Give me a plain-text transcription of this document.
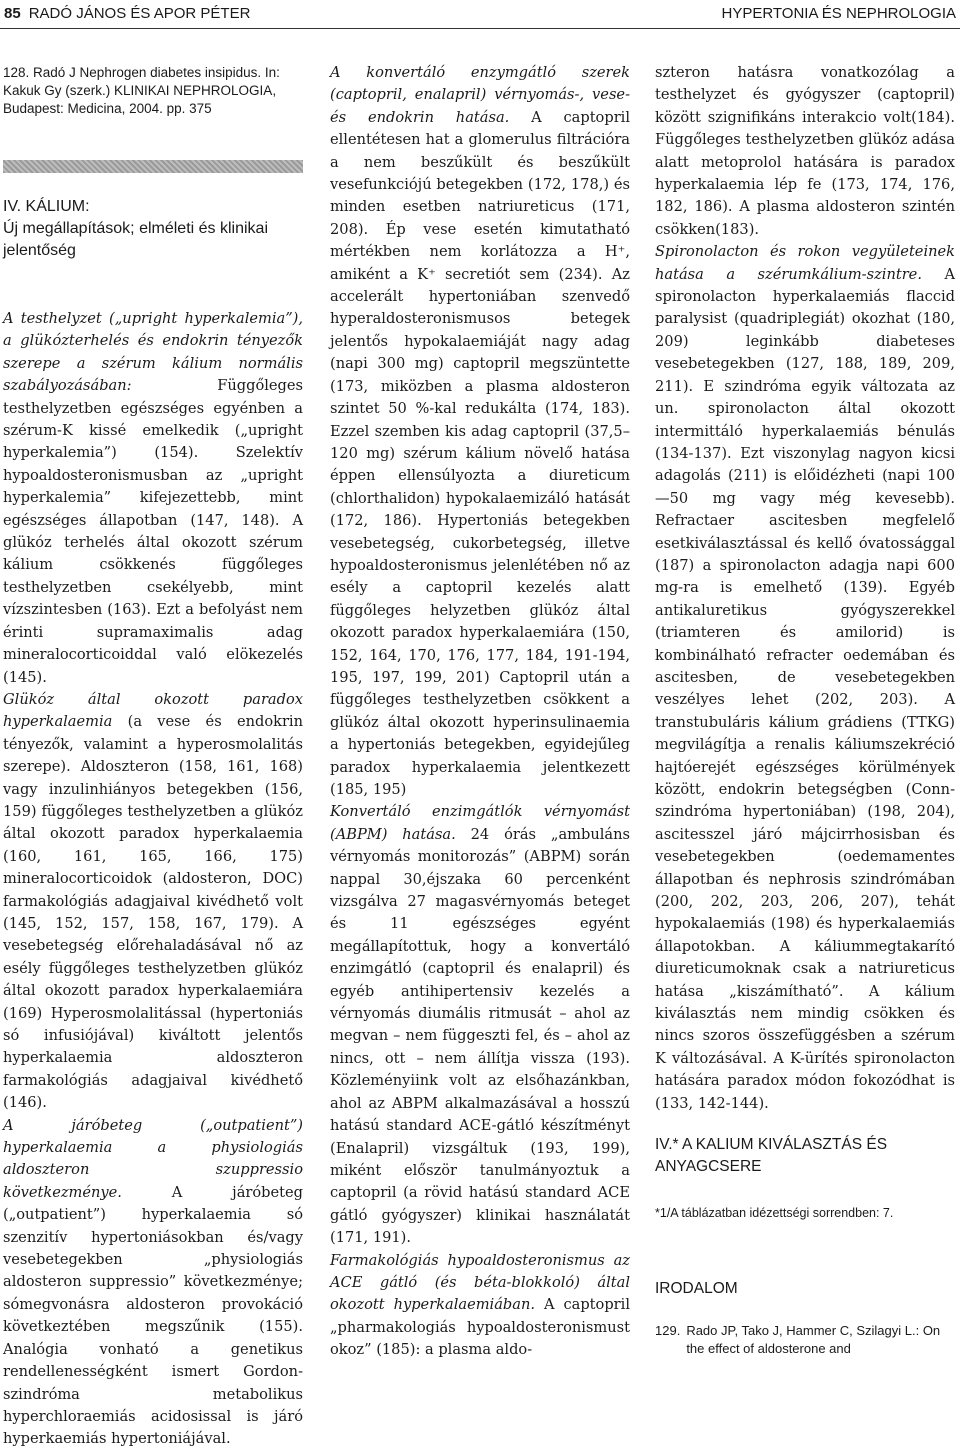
85 RADÓ JÁNOS ÉS APOR PÉTER	HYPERTONIA ÉS NEPHROLOGIA

128. Radó J Nephrogen diabetes insipidus. In: Kakuk Gy (szerk.) KLINIKAI NEPHROLOGIA, Budapest: Medicina, 2004. pp. 375

IV. KÁLIUM:

Új megállapítások; elméleti és klinikai jelentőség

A testhelyzet („upright hyperkalemia”), a glükózterhelés és endokrin tényezők szerepe a szérum kálium normális szabályozásában: Függőleges testhelyzetben egészséges egyénben a szérum-K kissé emelkedik („upright hyperkalemia”) (154). Szelektív hypoaldosteronismusban az „upright hyperkalemia” kifejezettebb, mint egészséges állapotban (147, 148). A glükóz terhelés által okozott szérum kálium csökkenés függőleges testhelyzetben csekélyebb, mint vízszintesben (163). Ezt a befolyást nem érinti supramaximalis adag mineralocorticoiddal való elökezelés (145).

Glükóz által okozott paradox hyperkalaemia (a vese és endokrin tényezők, valamint a hyperosmolalitás szerepe). Aldoszteron (158, 161, 168) vagy inzulinhiányos betegekben (156, 159) függőleges testhelyzetben a glükóz által okozott paradox hyperkalaemia (160, 161, 165, 166, 175) mineralocorticoidok (aldosteron, DOC) farmakológiás adagjaival kivédhető volt (145, 152, 157, 158, 167, 179). A vesebetegség előrehaladásával nő az esély függőleges testhelyzetben glükóz által okozott paradox hyperkalaemiára (169) Hyperosmolalitással (hypertoniás só infusiójával) kiváltott jelentős hyperkalaemia aldoszteron farmakológiás adagjaival kivédhető (146).

A járóbeteg („outpatient”) hyperkalaemia a physiologiás aldoszteron szuppressio következménye. A járóbeteg („outpatient”) hyperkalaemia só szenzitív hypertoniásokban és/vagy vesebetegekben „physiologiás aldosteron suppressio” következménye; sómegvonásra aldosteron provokáció következtében megszűnik (155). Analógia vonható a genetikus rendellenességként ismert Gordon-szindróma metabolikus hyperchloraemiás acidosissal is járó hyperkaemiás hypertoniájával.

A konvertáló enzymgátló szerek (captopril, enalapril) vérnyomás-, vese- és endokrin hatása. A captopril ellentétesen hat a glomerulus filtrációra a nem beszűkült és beszűkült vesefunkciójú betegekben (172, 178,) és minden esetben natriureticus (171, 208). Ép vese esetén kimutatható mértékben nem korlátozza a H⁺, amiként a K⁺ secretiót sem (234). Az accelerált hypertoniában szenvedő hyperaldosteronismusos betegek jelentős hypokalaemiáját nagy adag (napi 300 mg) captopril megszüntette (173, miközben a plasma aldosteron szintet 50 %-kal redukálta (174, 183). Ezzel szemben kis adag captopril (37,5–120 mg) szérum kálium növelő hatása éppen ellensúlyozta a diureticum (chlorthalidon) hypokalaemizáló hatását (172, 186). Hypertoniás betegekben vesebetegség, cukorbetegség, illetve hypoaldosteronismus jelenlétében nő az esély a captopril kezelés alatt függőleges helyzetben glükóz által okozott paradox hyperkalaemiára (150, 152, 164, 170, 176, 177, 184, 191-194, 195, 197, 199, 201) Captopril után a függőleges testhelyzetben csökkent a glükóz által okozott hyperinsulinaemia a hypertoniás betegekben, egyidejűleg paradox hyperkalaemia jelentkezett (185, 195)

Konvertáló enzimgátlók vérnyomást (ABPM) hatása. 24 órás „ambuláns vérnyomás monitorozás” (ABPM) során nappal 30,éjszaka 60 percenként vizsgálva 27 magasvérnyomás beteget és 11 egészséges egyént megállapítottuk, hogy a konvertáló enzimgátló (captopril és enalapril) és egyéb antihipertensiv kezelés a vérnyomás diumális ritmusát – ahol az megvan – nem függeszti fel, és – ahol az nincs, ott – nem állítja vissza (193). Közleményiink volt az elsőhazánkban, ahol az ABPM alkalmazásával a hosszú hatású standard ACE-gátló készítményt (Enalapril) vizsgáltuk (193, 199), miként először tanulmányoztuk a captopril (a rövid hatású standard ACE gátló gyógyszer) klinikai használatát (171, 191).

Farmakológiás hypoaldosteronismus az ACE gátló (és béta-blokkoló) által okozott hyperkalaemiában. A captopril „pharmakologiás hypoaldosteronismust okoz” (185): a plasma aldo-

szteron hatásra vonatkozólag a testhelyzet és gyógyszer (captopril) között szignifikáns interakcio volt(184). Függőleges testhelyzetben glükóz adása alatt metoprolol hatására is paradox hyperkalaemia lép fe (173, 174, 176, 182, 186). A plasma aldosteron szintén csökken(183).

Spironolacton és rokon vegyületeinek hatása a szérumkálium-szintre. A spironolacton hyperkalaemiás flaccid paralysist (quadriplegiát) okozhat (180, 209) leginkább diabeteses vesebetegekben (127, 188, 189, 209, 211). E szindróma egyik változata az un. spironolacton által okozott intermittáló hyperkalaemiás bénulás (134-137). Ezt viszonylag nagyon kicsi adagolás (211) is előidézheti (napi 100—50 mg vagy még kevesebb). Refractaer ascitesben megfelelő esetkiválasztással és kellő óvatossággal (187) a spironolacton adagja napi 600 mg-ra is emelhető (139). Egyéb antikaluretikus gyógyszerekkel (triamteren és amilorid) is kombinálható refracter oedemában és ascitesben, de vesebetegekben veszélyes lehet (202, 203). A transtubuláris kálium grádiens (TTKG) megvilágítja a renalis káliumszekréció hajtóerejét egészséges körülmények között, endokrin betegségben (Conn-szindróma hypertoniában) (198, 204), ascitesszel járó májcirrhosisban és vesebetegekben (oedemamentes állapotban és nephrosis szindrómában (200, 202, 203, 206, 207), tehát hypokalaemiás (198) és hyperkalaemiás állapotokban. A káliummegtakarító diureticumoknak csak a natriureticus hatása „kiszámítható”. A kálium kiválasztás nem mindig csökken és nincs szoros összefüggésben a szérum K változásával. A K-ürítés spironolacton hatására paradox módon fokozódhat is (133, 142-144).

IV.* A KALIUM KIVÁLASZTÁS ÉS ANYAGCSERE

*1/A táblázatban idézettségi sorrendben: 7.

IRODALOM

129. Rado JP, Tako J, Hammer C, Szilagyi L.: On the effect of aldosterone and
